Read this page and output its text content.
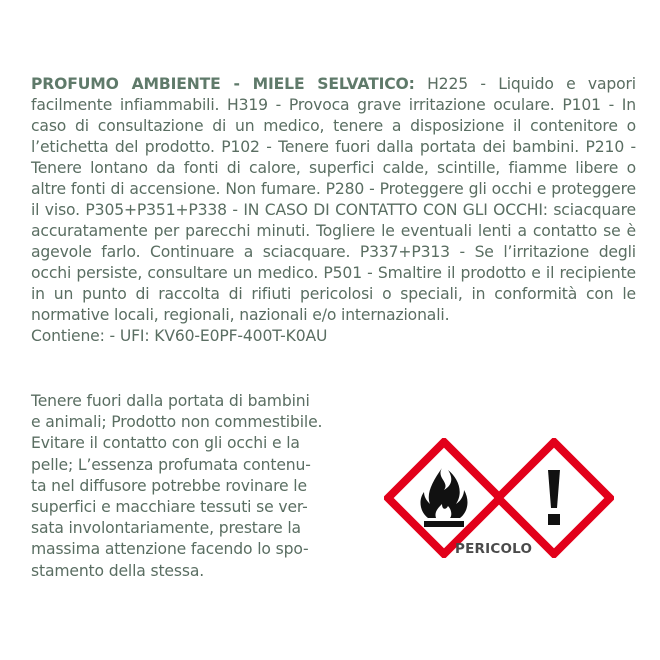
PROFUMO AMBIENTE - MIELE SELVATICO: H225 - Liquido e vapori facilmente infiammabili. H319 - Provoca grave irritazione oculare. P101 - In caso di consultazione di un medico, tenere a disposizione il contenitore o l’etichetta del prodotto. P102 - Tenere fuori dalla portata dei bambini. P210 - Tenere lontano da fonti di calore, superfici calde, scintille, fiamme libere o altre fonti di accensione. Non fumare. P280 - Proteggere gli occhi e proteggere il viso. P305+P351+P338 - IN CASO DI CONTATTO CON GLI OCCHI: sciacquare accuratamente per parecchi minuti. Togliere le eventuali lenti a contatto se è agevole farlo. Continuare a sciacquare. P337+P313 - Se l’irritazione degli occhi persiste, consultare un medico. P501 - Smaltire il prodotto e il recipiente in un punto di raccolta di rifiuti pericolosi o speciali, in conformità con le normative locali, regionali, nazionali e/o internazionali.
Contiene: - UFI: KV60-E0PF-400T-K0AU
Tenere fuori dalla portata di bambini
e animali; Prodotto non commestibile.
Evitare il contatto con gli occhi e la
pelle; L’essenza profumata contenu-
ta nel diffusore potrebbe rovinare le
superfici e macchiare tessuti se ver-
sata involontariamente, prestare la
massima attenzione facendo lo spo-
stamento della stessa.
PERICOLO
